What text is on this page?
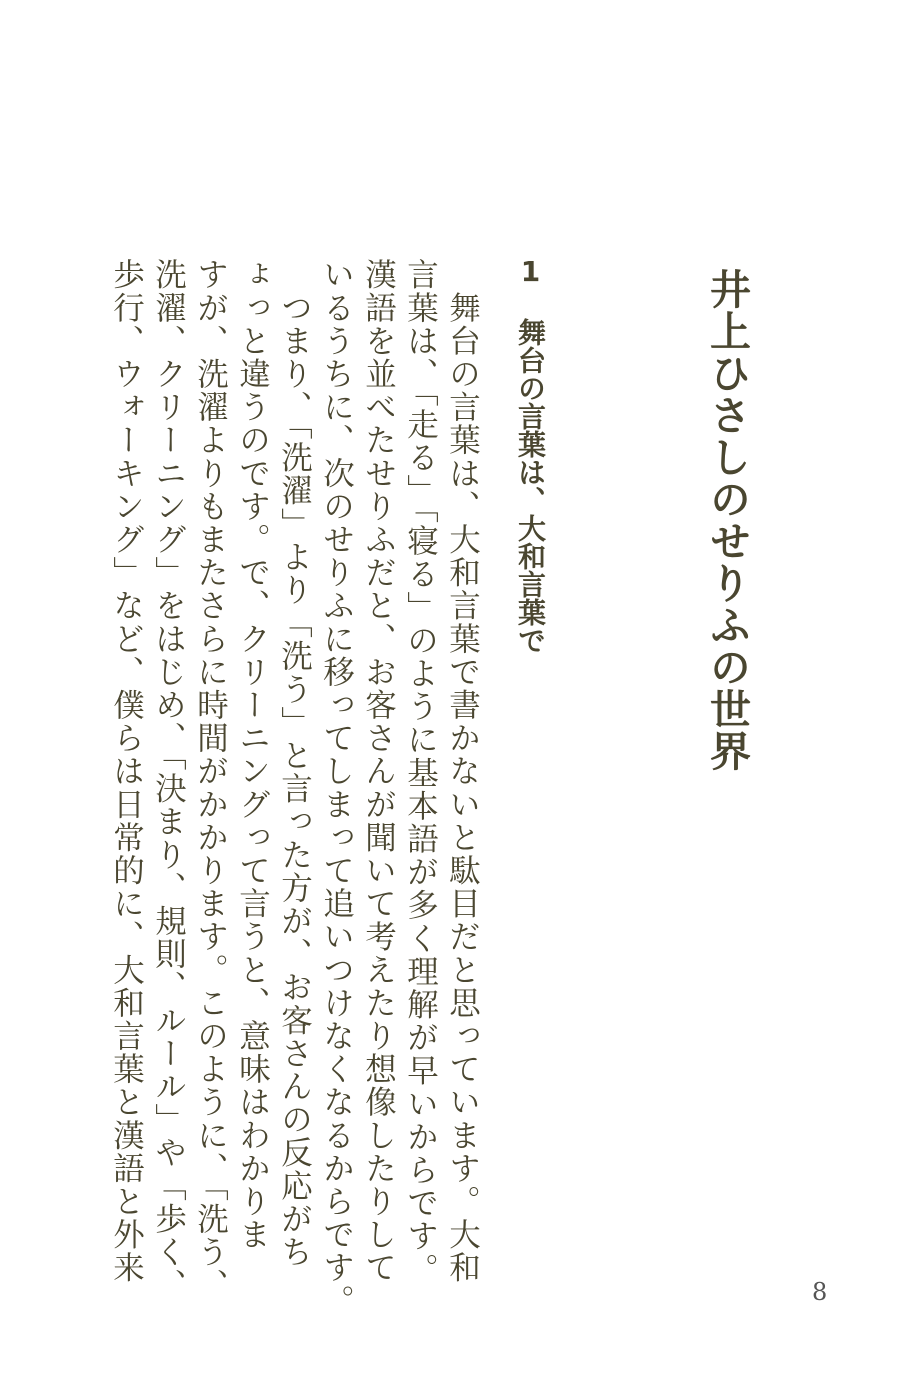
井上ひさしのせりふの世界
1舞台の言葉は、大和言葉で
　舞台の言葉は、大和言葉で書かないと駄目だと思っています。大和
言葉は、「走る」「寝る」のように基本語が多く理解が早いからです。
漢語を並べたせりふだと、お客さんが聞いて考えたり想像したりして
いるうちに、次のせりふに移ってしまって追いつけなくなるからです。
　つまり、「洗濯」より「洗う」と言った方が、お客さんの反応がち
ょっと違うのです。で、クリーニングって言うと、意味はわかりま
すが、洗濯よりもまたさらに時間がかかります。このように、「洗う、
洗濯、クリーニング」をはじめ、「決まり、規則、ルール」や「歩く、
歩行、ウォーキング」など、僕らは日常的に、大和言葉と漢語と外来
8
